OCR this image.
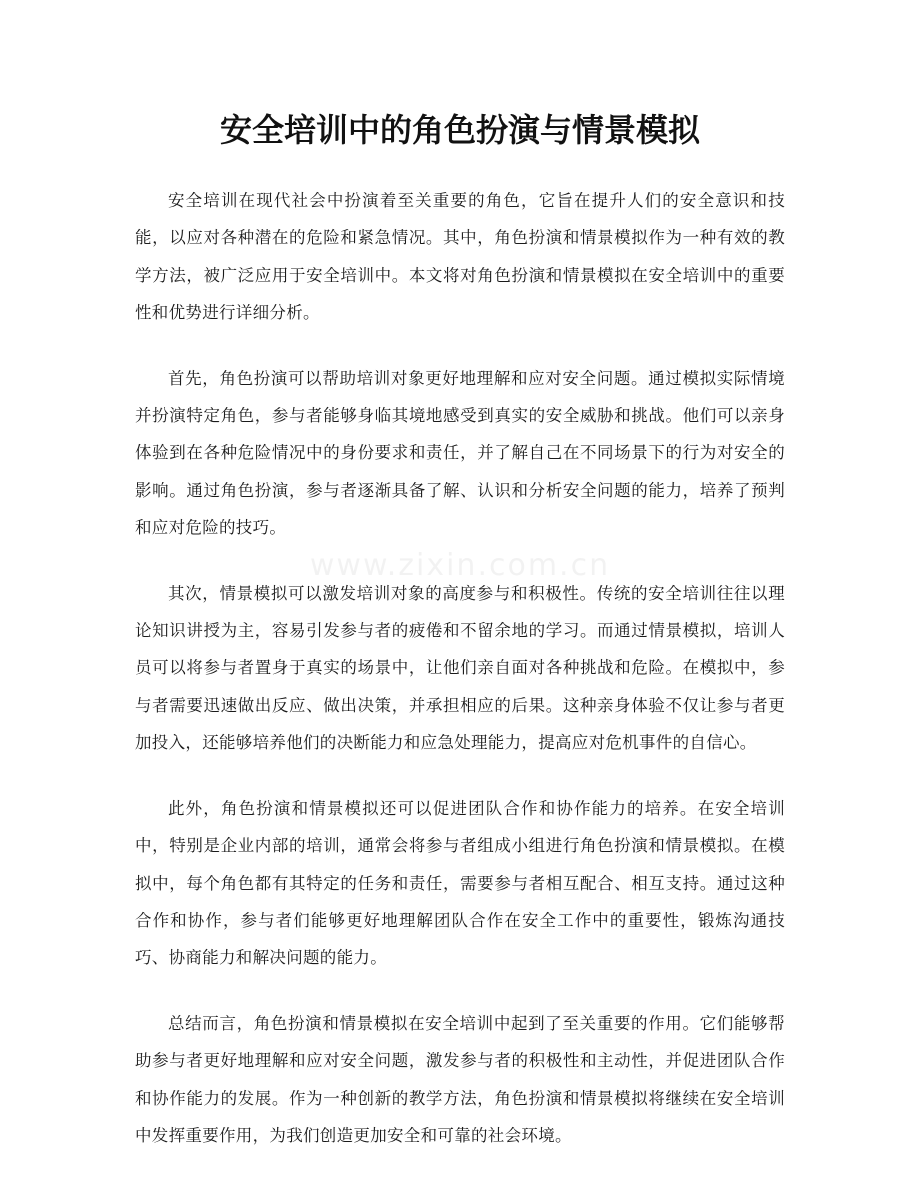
安全培训中的角色扮演与情景模拟
www.zixin.com.cn

安全培训在现代社会中扮演着至关重要的角色，它旨在提升人们的安全意识和技能，以应对各种潜在的危险和紧急情况。其中，角色扮演和情景模拟作为一种有效的教学方法，被广泛应用于安全培训中。本文将对角色扮演和情景模拟在安全培训中的重要性和优势进行详细分析。

首先，角色扮演可以帮助培训对象更好地理解和应对安全问题。通过模拟实际情境并扮演特定角色，参与者能够身临其境地感受到真实的安全威胁和挑战。他们可以亲身体验到在各种危险情况中的身份要求和责任，并了解自己在不同场景下的行为对安全的影响。通过角色扮演，参与者逐渐具备了解、认识和分析安全问题的能力，培养了预判和应对危险的技巧。

其次，情景模拟可以激发培训对象的高度参与和积极性。传统的安全培训往往以理论知识讲授为主，容易引发参与者的疲倦和不留余地的学习。而通过情景模拟，培训人员可以将参与者置身于真实的场景中，让他们亲自面对各种挑战和危险。在模拟中，参与者需要迅速做出反应、做出决策，并承担相应的后果。这种亲身体验不仅让参与者更加投入，还能够培养他们的决断能力和应急处理能力，提高应对危机事件的自信心。

此外，角色扮演和情景模拟还可以促进团队合作和协作能力的培养。在安全培训中，特别是企业内部的培训，通常会将参与者组成小组进行角色扮演和情景模拟。在模拟中，每个角色都有其特定的任务和责任，需要参与者相互配合、相互支持。通过这种合作和协作，参与者们能够更好地理解团队合作在安全工作中的重要性，锻炼沟通技巧、协商能力和解决问题的能力。

总结而言，角色扮演和情景模拟在安全培训中起到了至关重要的作用。它们能够帮助参与者更好地理解和应对安全问题，激发参与者的积极性和主动性，并促进团队合作和协作能力的发展。作为一种创新的教学方法，角色扮演和情景模拟将继续在安全培训中发挥重要作用，为我们创造更加安全和可靠的社会环境。
